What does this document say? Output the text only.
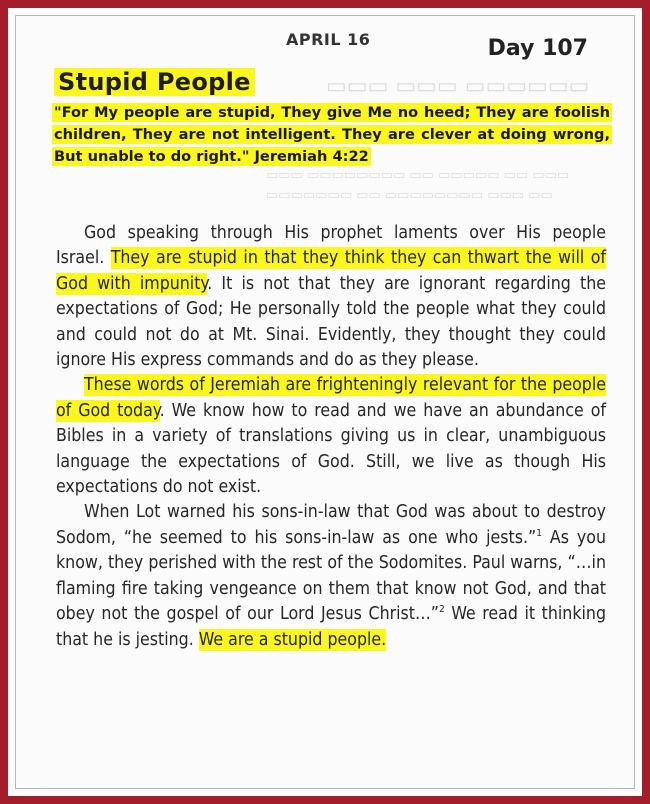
▭▭▭ ▭▭▭ ▭▭▭▭▭▭
▭▭▭ ▭▭▭▭▭▭▭▭ ▭▭ ▭▭▭▭▭ ▭▭ ▭▭▭
▭▭▭▭▭▭▭ ▭▭ ▭▭▭▭▭▭▭▭ ▭▭▭ ▭▭
APRIL 16	Day 107
Stupid People
"For My people are stupid, They give Me no heed; They are foolish children, They are not intelligent. They are clever at doing wrong, But unable to do right." Jeremiah 4:22

God speaking through His prophet laments over His people Israel. They are stupid in that they think they can thwart the will of God with impunity. It is not that they are ignorant regarding the expectations of God; He personally told the people what they could and could not do at Mt. Sinai. Evidently, they thought they could ignore His express commands and do as they please.

These words of Jeremiah are frighteningly relevant for the people of God today. We know how to read and we have an abundance of Bibles in a variety of translations giving us in clear, unambiguous language the expectations of God. Still, we live as though His expectations do not exist.

When Lot warned his sons-in-law that God was about to destroy Sodom, “he seemed to his sons-in-law as one who jests.”$^1$ As you know, they perished with the rest of the Sodomites. Paul warns, “…in flaming fire taking vengeance on them that know not God, and that obey not the gospel of our Lord Jesus Christ…”$^2$ We read it thinking that he is jesting. We are a stupid people.
